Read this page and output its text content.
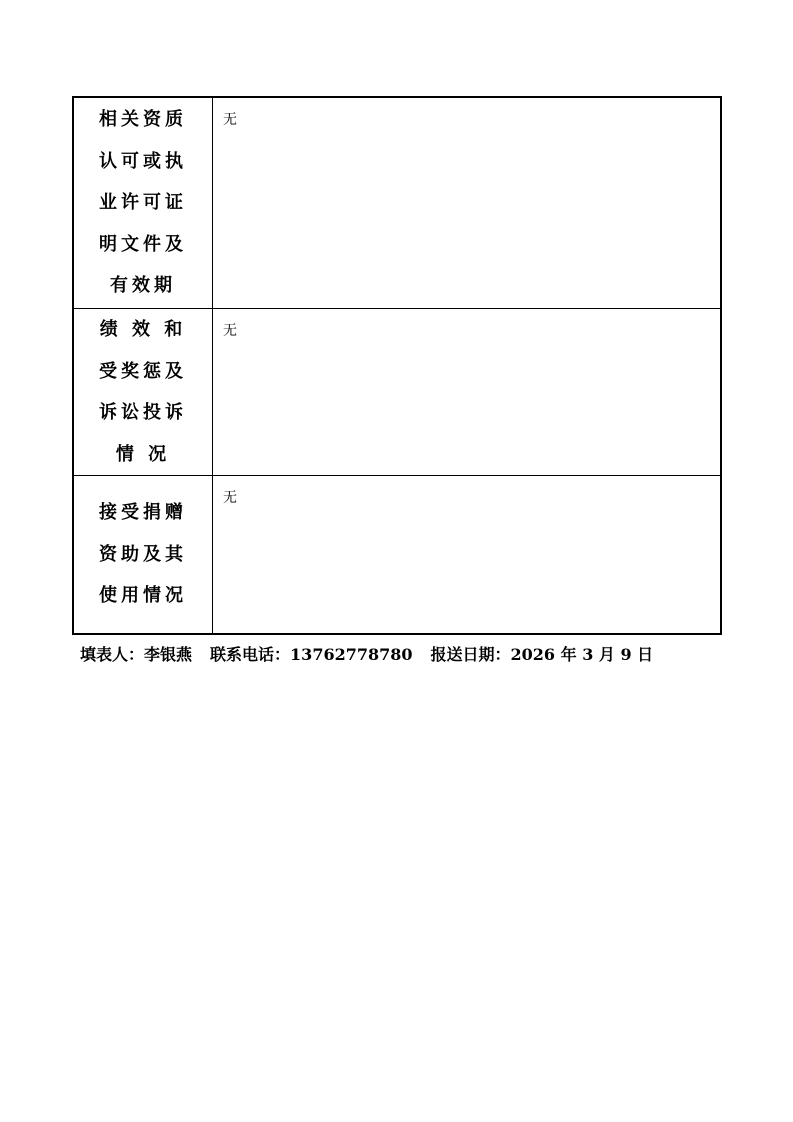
相关资质
认可或执
业许可证
明文件及
有效期
无
绩 效 和
受奖惩及
诉讼投诉
情 况
无
接受捐赠
资助及其
使用情况
无
填表人：李银燕 联系电话：13762778780 报送日期：2026 年 3 月 9 日
